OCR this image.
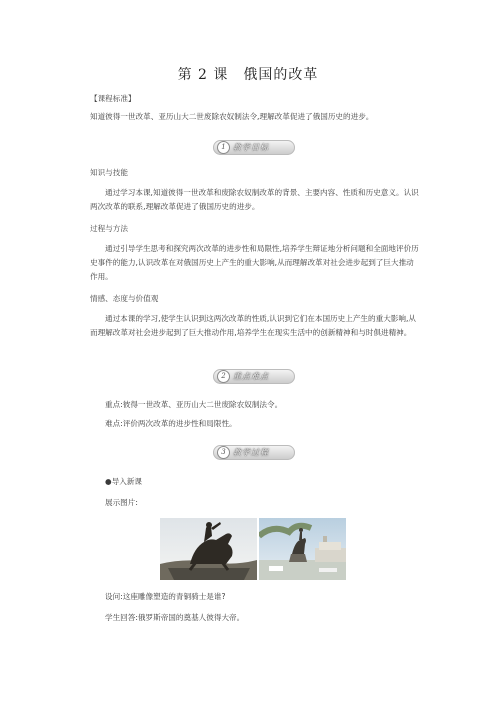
第 2 课　俄国的改革
【课程标准】
知道彼得一世改革、亚历山大二世废除农奴制法令,理解改革促进了俄国历史的进步。
1 教学目标
知识与技能
通过学习本课,知道彼得一世改革和废除农奴制改革的背景、主要内容、性质和历史意义。认识两次改革的联系,理解改革促进了俄国历史的进步。
过程与方法
通过引导学生思考和探究两次改革的进步性和局限性,培养学生辩证地分析问题和全面地评价历史事件的能力,认识改革在对俄国历史上产生的重大影响,从而理解改革对社会进步起到了巨大推动作用。
情感、态度与价值观
通过本课的学习,使学生认识到这两次改革的性质,认识到它们在本国历史上产生的重大影响,从而理解改革对社会进步起到了巨大推动作用,培养学生在现实生活中的创新精神和与时俱进精神。
2 重点难点
重点:彼得一世改革、亚历山大二世废除农奴制法令。
难点:评价两次改革的进步性和局限性。
3 教学过程
●导入新课
展示图片:
设问:这座雕像塑造的青铜骑士是谁?
学生回答:俄罗斯帝国的奠基人彼得大帝。
